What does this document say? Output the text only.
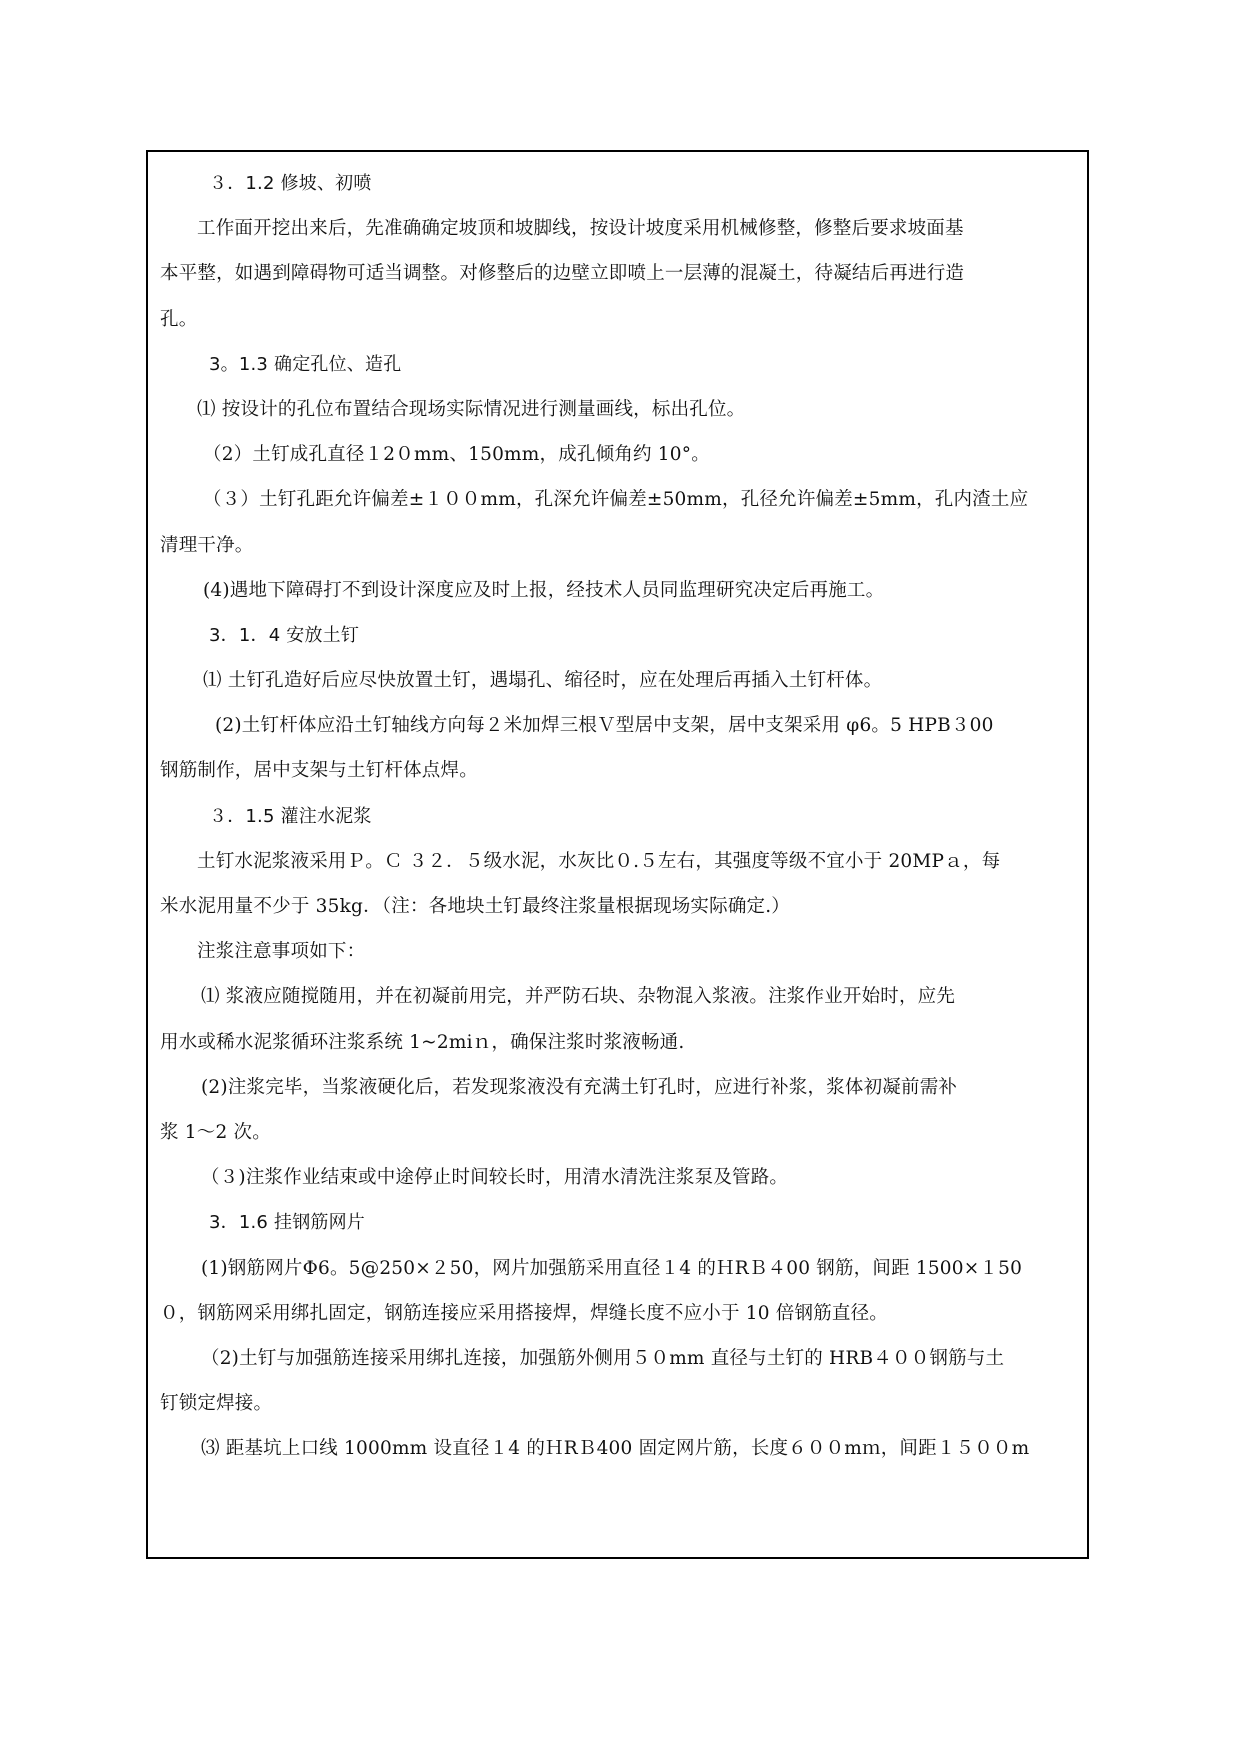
３．1.2 修坡、初喷
工作面开挖出来后，先准确确定坡顶和坡脚线，按设计坡度采用机械修整，修整后要求坡面基
本平整，如遇到障碍物可适当调整。对修整后的边壁立即喷上一层薄的混凝土，待凝结后再进行造
孔。
3。1.3 确定孔位、造孔
⑴ 按设计的孔位布置结合现场实际情况进行测量画线，标出孔位。
（2）土钉成孔直径１2０mm、150mm，成孔倾角约 10°。
（３）土钉孔距允许偏差±１００mm，孔深允许偏差±50mm，孔径允许偏差±5mm，孔内渣土应
清理干净。
(4)遇地下障碍打不到设计深度应及时上报，经技术人员同监理研究决定后再施工。
3．1．4 安放土钉
⑴ 土钉孔造好后应尽快放置土钉，遇塌孔、缩径时，应在处理后再插入土钉杆体。
(2)土钉杆体应沿土钉轴线方向每２米加焊三根Ｖ型居中支架，居中支架采用 φ6。5 HPB３00
钢筋制作，居中支架与土钉杆体点焊。
３．1.5 灌注水泥浆
土钉水泥浆液采用Ｐ。Ｃ ３２．５级水泥，水灰比０.５左右，其强度等级不宜小于 20MPａ，每
米水泥用量不少于 35kg．（注：各地块土钉最终注浆量根据现场实际确定.）
注浆注意事项如下：
⑴ 浆液应随搅随用，并在初凝前用完，并严防石块、杂物混入浆液。注浆作业开始时，应先
用水或稀水泥浆循环注浆系统 1~2miｎ，确保注浆时浆液畅通.
(2)注浆完毕，当浆液硬化后，若发现浆液没有充满土钉孔时，应进行补浆，浆体初凝前需补
浆 1～2 次。
（３)注浆作业结束或中途停止时间较长时，用清水清洗注浆泵及管路。
3．1.6 挂钢筋网片
(1)钢筋网片Φ6。5@250×２50，网片加强筋采用直径１4 的ＨRＢ４00 钢筋，间距 1500×１50
０，钢筋网采用绑扎固定，钢筋连接应采用搭接焊，焊缝长度不应小于 10 倍钢筋直径。
（2)土钉与加强筋连接采用绑扎连接，加强筋外侧用５０mm 直径与土钉的 HRB４００钢筋与土
钉锁定焊接。
⑶ 距基坑上口线 1000mm 设直径１4 的ＨRＢ400 固定网片筋，长度６００mｍ，间距１５００m
